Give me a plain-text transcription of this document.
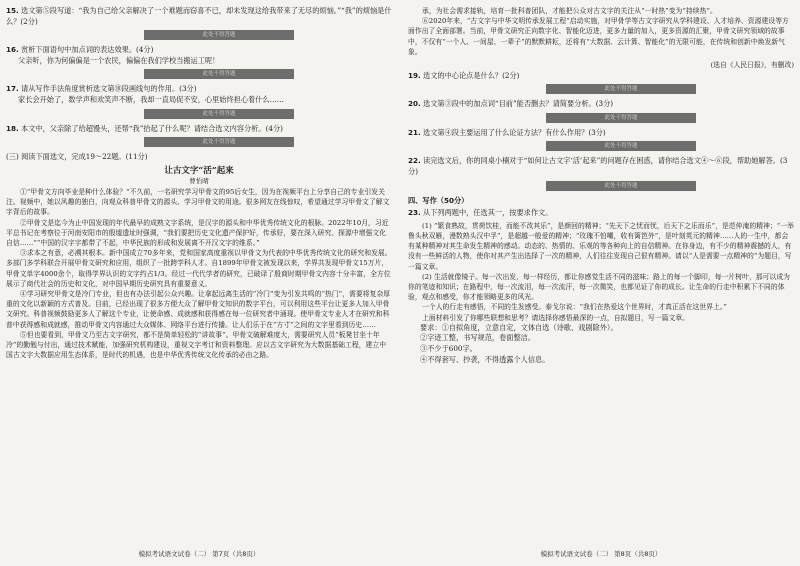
15. 选文第⑤段写道：“我为自己给父亲解决了一个难题而窃喜不已，却未发现这给我带来了无尽的烦恼。”“我”的烦恼是什么？(2分)
此处不得答题
16. 赏析下面语句中加点词的表达效果。(4分)
父亲听，你为何偏偏是一个农民，偏偏在我们学校当搬运工呢！
此处不得答题
17. 请从写作手法角度赏析选文第⑩段画线句的作用。(3分)
家长会开始了，数学声和欢笑声不断，我却一直局促不安，心里始终担心着什么……
此处不得答题
18. 本文中，父亲除了给超馒头，还帮“我”拾起了什么呢？请结合选文内容分析。(4分)
此处不得答题
(三) 阅读下面选文，完成19～22题。(11分)
让古文字“活”起来
曹怡晴
①“甲骨文方向毕业是种什么体验？”不久前，一名研究学习甲骨文的95后女生，因为在视频平台上分享自己的专业引发关注。视频中，她以风趣的独白，向观众科普甲骨文的源头、学习甲骨文的用途。很多网友在线惊叹，希望通过学习甲骨文了解文字背后的故事。
②甲骨文是迄今为止中国发现的年代最早的成熟文字系统，是汉字的源头和中华优秀传统文化的根脉。2022年10月，习近平总书记在考察位于河南安阳市的殷墟遗址时强调，“我们要把历史文化遗产保护好，传承好，要在深入研究、探源中增强文化自信……”“中国的汉字字都带了不起，中华民族的形成和发展离不开汉文字的维系。”
③求本之有意，必溯其根本。新中国成立70多年来，党和国家高度重视以甲骨文为代表的中华优秀传统文化的研究和发展。多部门多学科联合开展甲骨文研究和应用，组织了一批跨学科人才。自1899年甲骨文被发现以来，学界共发现甲骨文15万片，甲骨文单字4000余个，取得学界认识的文字约占1/3。经过一代代学者的研究，已破译了殷商时期甲骨文内容十分丰富，全方位展示了商代社会的历史和文化，对中国早期历史研究具有重要意义。
④学习研究甲骨文是冷门专业，但也有办法引起公众兴趣。让拿起远离生活的“冷门”变为引发共鸣的“热门”，需要将复杂厚重的文化以新颖的方式普及。目前，已经出现了很多方便大众了解甲骨文知识的数字平台，可以利用这些平台让更多人加入甲骨文研究。科普视频鼓励更多人了解这个专业，让使命感、成就感和获得感在每一位研究者中涌现。使甲骨文专业人才在研究和科普中获得感和成就感，推动甲骨文内容通过大众媒体、网络平台进行传播。让人们乐于在“方寸”之间的文字里看到历史……
⑤但也要看到，甲骨文乃至古文字研究，都不是简单轻松的“讲故事”。甲骨文破解难度大，需要研究人员“板凳甘坐十年冷”的勤勉与付出，通过技术赋能，加强研究机构建设，重视文字考订和资料整理。应以古文字研究为大数据基础工程，建立中国古文字大数据应用生态体系，是时代的机遇，也是中华优秀传统文化传承的必由之路。
模拟考试语文试卷（二） 第7页（共8页）
承，为社会需求接轨，培育一批科普团队，才能把公众对古文字的关注从“一时热”变为“持续热”。
⑥2020年来，“古文字与中华文明传承发展工程”启动实施，对甲骨学等古文字研究从学科建设、人才培养、资源建设等方面作出了全面部署。当前，甲骨文研究正向数字化、智能化迈进，更多力量的加入，更多资源的汇聚，甲骨文研究领域的故事中，不仅有“一个人、一间屋、一辈子”的默默耕耘，还将有“大数据、云计算、智能化”的无限可能，在传统和创新中焕发新气象。
(选自《人民日报》，有删改)
19. 选文的中心论点是什么？(2分)
此处不得答题
20. 选文第③段中的加点词“目前”能否删去？请简要分析。(3分)
此处不得答题
21. 选文第④段主要运用了什么论证方法？有什么作用？(3分)
此处不得答题
22. 读完选文后，你的同桌小楠对于“如何让古文字‘活’起来”的问题存在困惑，请你结合选文④～⑥段，帮助她解答。(3分)
此处不得答题
四、写作（50分）
23. 从下列两题中，任选其一，按要求作文。
(1) “繁食熟故，贯荷饮桂，而能不改其乐”，是颜回的精神；“先天下之忧而忧，后天下之乐而乐”，是范仲淹的精神；“一举鲁头秋双雁，漫数熟头汉中孚”，是超越一般爱的精神；“玫瑰不怕嘲，收有篱笆外”，是叶刻英元的精神……人的一生中，都会有某种精神对其生命发生精神的感动。动态的、热情的、乐观的等各种向上的自信精神。在你身边，有不少的精神震撼的人，有没有一些鲜活的人物，使你对其产生出选择了一次的精神，人们往往发现自己很有精神。请以“人是需要一点精神的”为题目，写一篇文章。
(2) 生活就像镜子。每一次出发，每一样经历，都让你感觉生活不同的滋味；路上的每一个脚印，每一片树叶，那可以成为你的笔迹和知识；在路程中，每一次流泪，每一次流汗，每一次微笑，也都见证了你的成长。让生命的行走中积累下不同的体验，观点和感受，你才能领略更多的风光。
一个人的行走有感悟，不同的生发感受。泰戈尔说：“我们在热爱这个世界时，才真正活在这世界上。”
上面材料引发了你哪些联想和思考？请选择你感悟最深的一点，自拟题目，写一篇文章。
要求：①自拟角度，立意自定，文体自选（诗歌、戏剧除外）。
②字迹工整，书写规范，卷面整洁。
③不少于600字。
④不得套写、抄袭，不得透露个人信息。
模拟考试语文试卷（二） 第8页（共8页）
